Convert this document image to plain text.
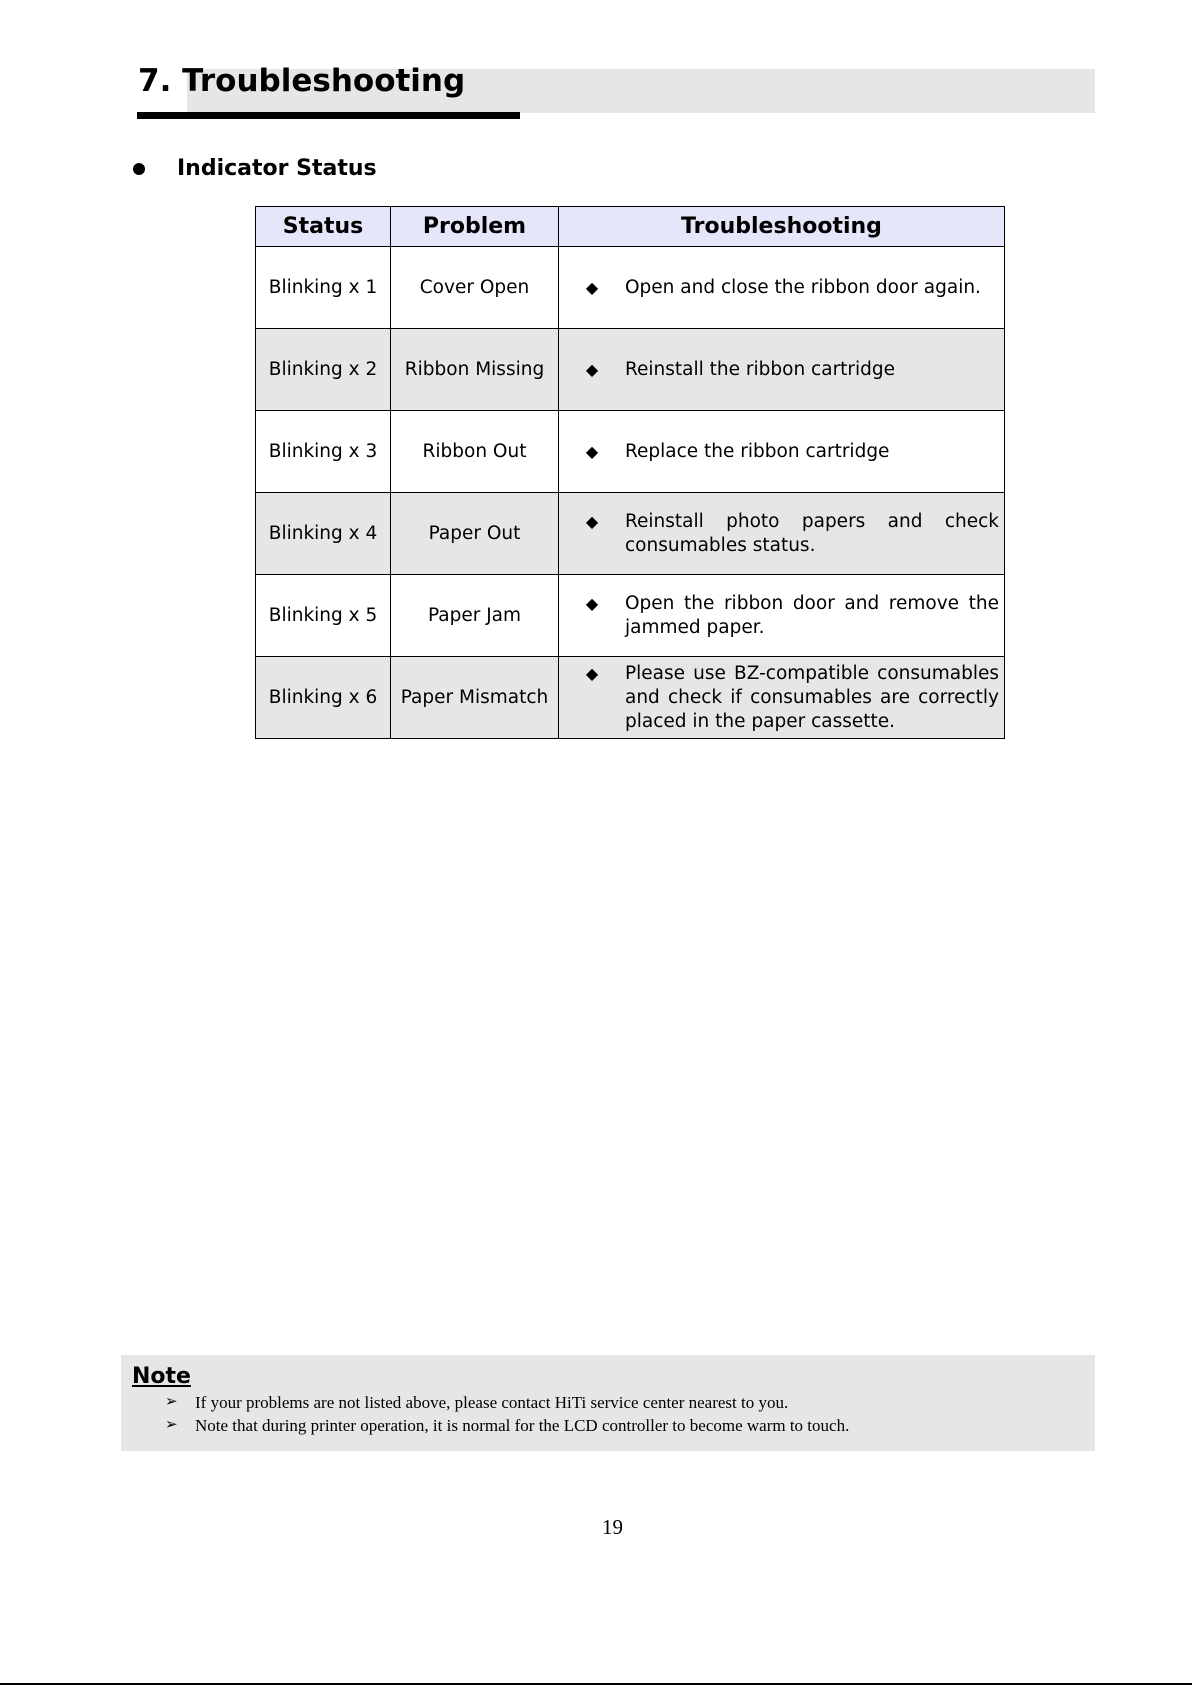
7. Troubleshooting
Indicator Status
Status	Problem	Troubleshooting
Blinking x 1	Cover Open	◆ Open and close the ribbon door again.

Blinking x 2	Ribbon Missing	◆ Reinstall the ribbon cartridge

Blinking x 3	Ribbon Out	◆ Replace the ribbon cartridge

Blinking x 4	Paper Out	◆ Reinstall photo papers and check consumables status.

Blinking x 5	Paper Jam	◆ Open the ribbon door and remove the jammed paper.

Blinking x 6	Paper Mismatch	◆ Please use BZ-compatible consumables and check if consumables are correctly placed in the paper cassette.
Note
➢	If your problems are not listed above, please contact HiTi service center nearest to you.
➢	Note that during printer operation, it is normal for the LCD controller to become warm to touch.
19
